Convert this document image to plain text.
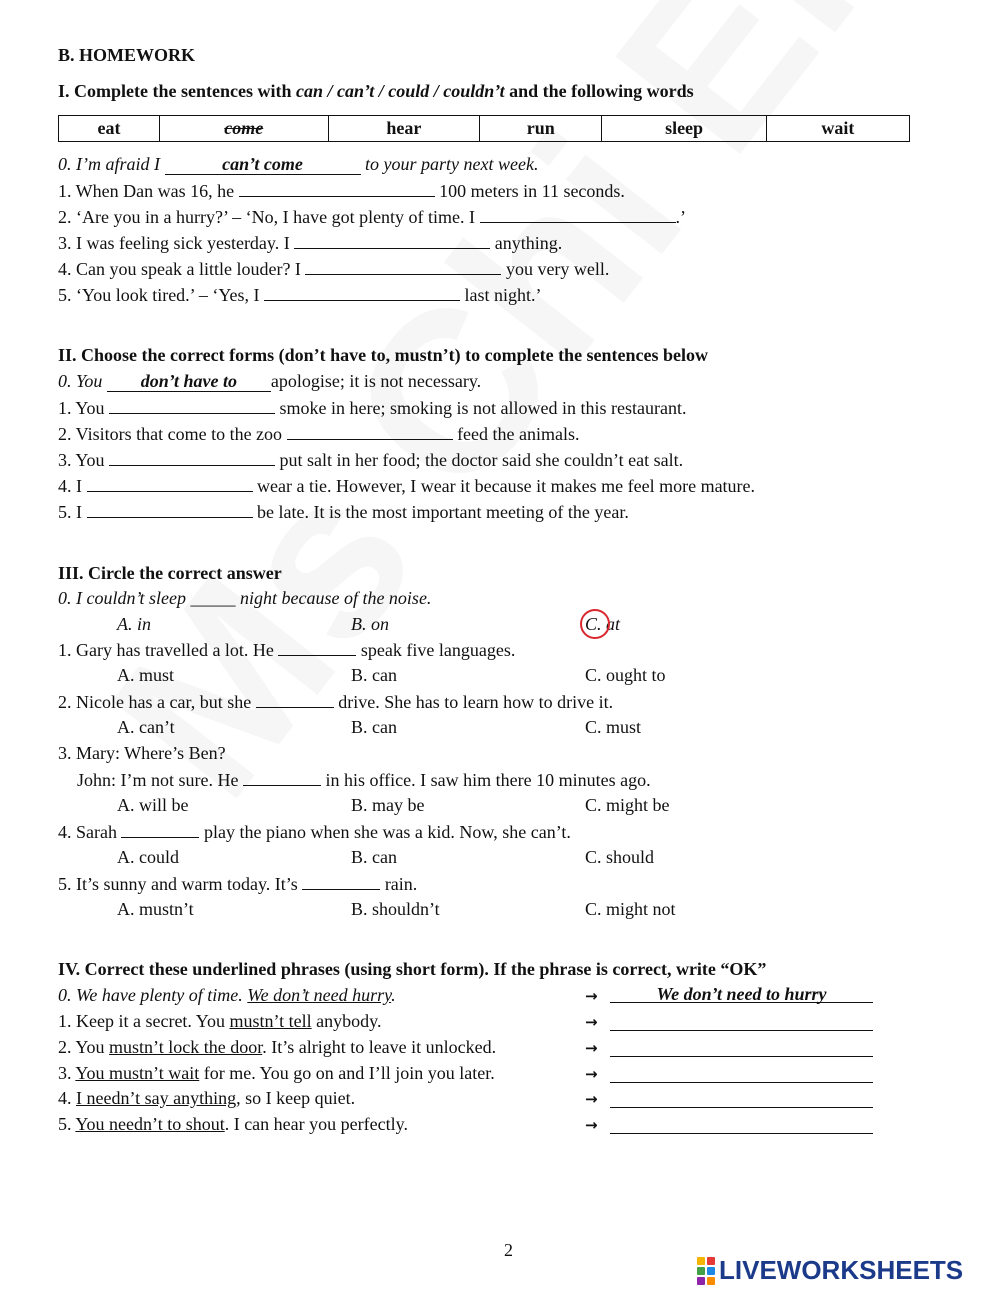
B. HOMEWORK
I. Complete the sentences with can / can’t / could / couldn’t and the following words
eat	come	hear	run	sleep	wait
0. I’m afraid I	can’t come	to your party next week.
1. When Dan was 16, he	100 meters in 11 seconds.
2. ‘Are you in a hurry?’ – ‘No, I have got plenty of time. I	.’
3. I was feeling sick yesterday. I	anything.
4. Can you speak a little louder? I	you very well.
5. ‘You look tired.’ – ‘Yes, I	last night.’
II. Choose the correct forms (don’t have to, mustn’t) to complete the sentences below
0. You don’t have to apologise; it is not necessary.
1. You	smoke in here; smoking is not allowed in this restaurant.
2. Visitors that come to the zoo	feed the animals.
3. You	put salt in her food; the doctor said she couldn’t eat salt.
4. I	wear a tie. However, I wear it because it makes me feel more mature.
5. I	be late. It is the most important meeting of the year.
III. Circle the correct answer
0. I couldn’t sleep _____ night because of the noise.
A. in	B. on	C. at
1. Gary has travelled a lot. He	speak five languages.
A. must	B. can	C. ought to
2. Nicole has a car, but she	drive. She has to learn how to drive it.
A. can’t	B. can	C. must
3. Mary: Where’s Ben?
John: I’m not sure. He	in his office. I saw him there 10 minutes ago.
A. will be	B. may be	C. might be
4. Sarah	play the piano when she was a kid. Now, she can’t.
A. could	B. can	C. should
5. It’s sunny and warm today. It’s	rain.
A. mustn’t	B. shouldn’t	C. might not
IV. Correct these underlined phrases (using short form). If the phrase is correct, write “OK”
0. We have plenty of time. We don’t need hurry.	→	We don’t need to hurry
1. Keep it a secret. You mustn’t tell anybody.	→
2. You mustn’t lock the door. It’s alright to leave it unlocked.	→
3. You mustn’t wait for me. You go on and I’ll join you later.	→
4. I needn’t say anything, so I keep quiet.	→
5. You needn’t to shout. I can hear you perfectly.	→
2
LIVEWORKSHEETS
